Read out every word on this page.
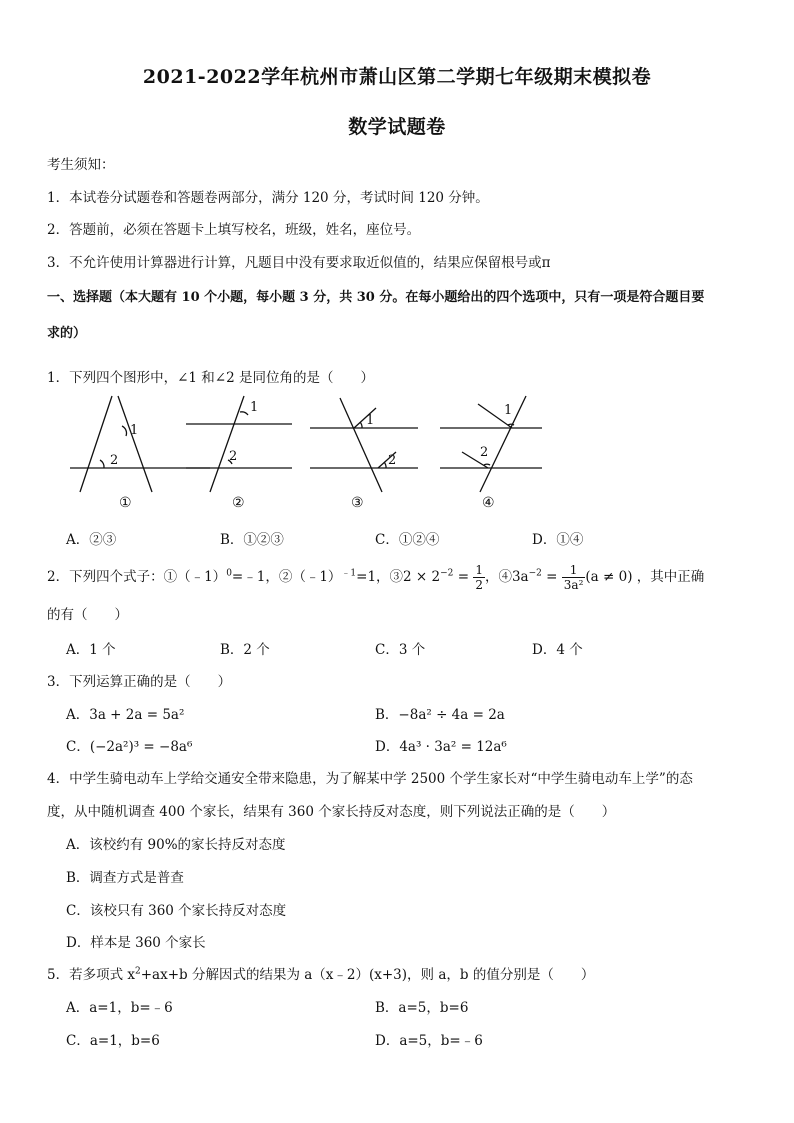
2021-2022学年杭州市萧山区第二学期七年级期末模拟卷
数学试题卷
考生须知：
1．本试卷分试题卷和答题卷两部分，满分 120 分，考试时间 120 分钟。
2．答题前，必须在答题卡上填写校名，班级，姓名，座位号。
3．不允许使用计算器进行计算，凡题目中没有要求取近似值的，结果应保留根号或π
一、选择题（本大题有 10 个小题，每小题 3 分，共 30 分。在每小题给出的四个选项中，只有一项是符合题目要
求的）
1．下列四个图形中，∠1 和∠2 是同位角的是（　　）
1
2
1
2
1
2
1
2
①	②	③	④
A．②③	B．①②③	C．①②④	D．①④
2．下列四个式子：①（﹣1）$^0$=﹣1，②（﹣1）$^{﹣1}$=1，③2 × $2^{-2} = \frac{1}{2}$ ，$④3a^{-2} = \frac{1}{\text{3a²}} (a \ne 0)$ ，其中正确
的有（　　）
A．1 个	B．2 个	C．3 个	D．4 个
3．下列运算正确的是（　　）
A．3a + 2a = 5a²	B．−8a² ÷ 4a = 2a
C．(−2a²)³ = −8a⁶	D．4a³ · 3a² = 12a⁶
4．中学生骑电动车上学给交通安全带来隐患，为了解某中学 2500 个学生家长对“中学生骑电动车上学”的态
度，从中随机调查 400 个家长，结果有 360 个家长持反对态度，则下列说法正确的是（　　）
A．该校约有 90%的家长持反对态度
B．调查方式是普查
C．该校只有 360 个家长持反对态度
D．样本是 360 个家长
5．若多项式 $x^2+ax+b$ 分解因式的结果为 a（x﹣2）(x+3)，则 a，b 的值分别是（　　）
A．a=1，b=﹣6	B．a=5，b=6
C．a=1，b=6	D．a=5，b=﹣6
